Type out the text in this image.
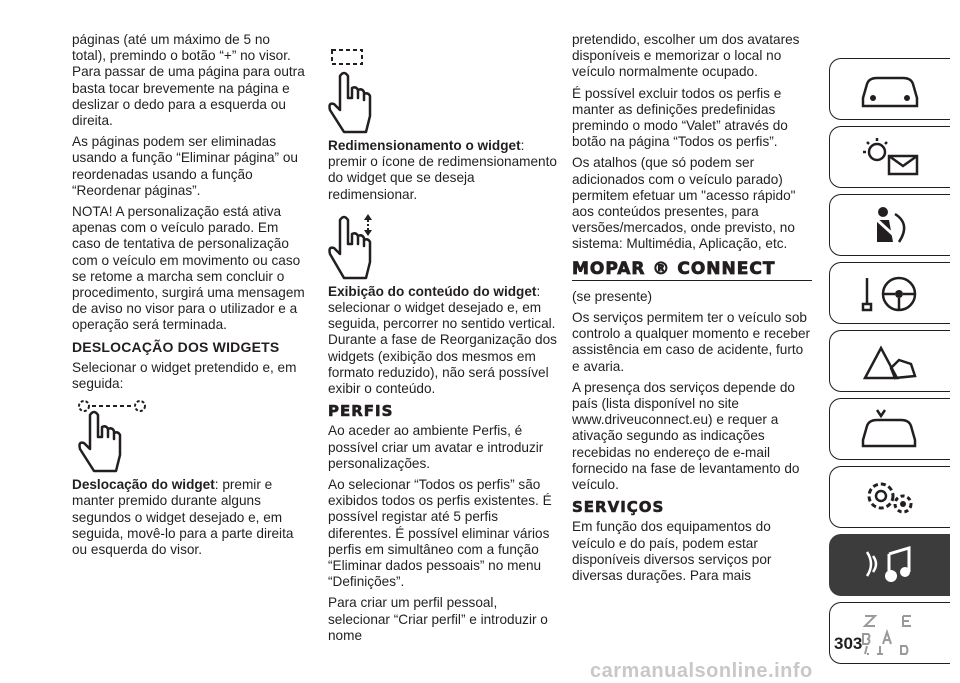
páginas (até um máximo de 5 no total), premindo o botão “+” no visor. Para passar de uma página para outra basta tocar brevemente na página e deslizar o dedo para a esquerda ou direita.

As páginas podem ser eliminadas usando a função “Eliminar página” ou reordenadas usando a função “Reordenar páginas”.

NOTA! A personalização está ativa apenas com o veículo parado. Em caso de tentativa de personalização com o veículo em movimento ou caso se retome a marcha sem concluir o procedimento, surgirá uma mensagem de aviso no visor para o utilizador e a operação será terminada.

DESLOCAÇÃO DOS WIDGETS

Selecionar o widget pretendido e, em seguida:

Deslocação do widget: premir e manter premido durante alguns segundos o widget desejado e, em seguida, movê-lo para a parte direita ou esquerda do visor.

Redimensionamento o widget: premir o ícone de redimensionamento do widget que se deseja redimensionar.

Exibição do conteúdo do widget: selecionar o widget desejado e, em seguida, percorrer no sentido vertical. Durante a fase de Reorganização dos widgets (exibição dos mesmos em formato reduzido), não será possível exibir o conteúdo.

PERFIS

Ao aceder ao ambiente Perfis, é possível criar um avatar e introduzir personalizações.

Ao selecionar “Todos os perfis” são exibidos todos os perfis existentes. É possível registar até 5 perfis diferentes. É possível eliminar vários perfis em simultâneo com a função “Eliminar dados pessoais” no menu “Definições”.

Para criar um perfil pessoal, selecionar “Criar perfil” e introduzir o nome

pretendido, escolher um dos avatares disponíveis e memorizar o local no veículo normalmente ocupado.

É possível excluir todos os perfis e manter as definições predefinidas premindo o modo “Valet” através do botão na página “Todos os perfis”.

Os atalhos (que só podem ser adicionados com o veículo parado) permitem efetuar um "acesso rápido" aos conteúdos presentes, para versões/mercados, onde previsto, no sistema: Multimédia, Aplicação, etc.

MOPAR ® CONNECT

(se presente)

Os serviços permitem ter o veículo sob controlo a qualquer momento e receber assistência em caso de acidente, furto e avaria.

A presença dos serviços depende do país (lista disponível no site www.driveuconnect.eu) e requer a ativação segundo as indicações recebidas no endereço de e-mail fornecido na fase de levantamento do veículo.

SERVIÇOS

Em função dos equipamentos do veículo e do país, podem estar disponíveis diversos serviços por diversas durações. Para mais

303
carmanualsonline.info
